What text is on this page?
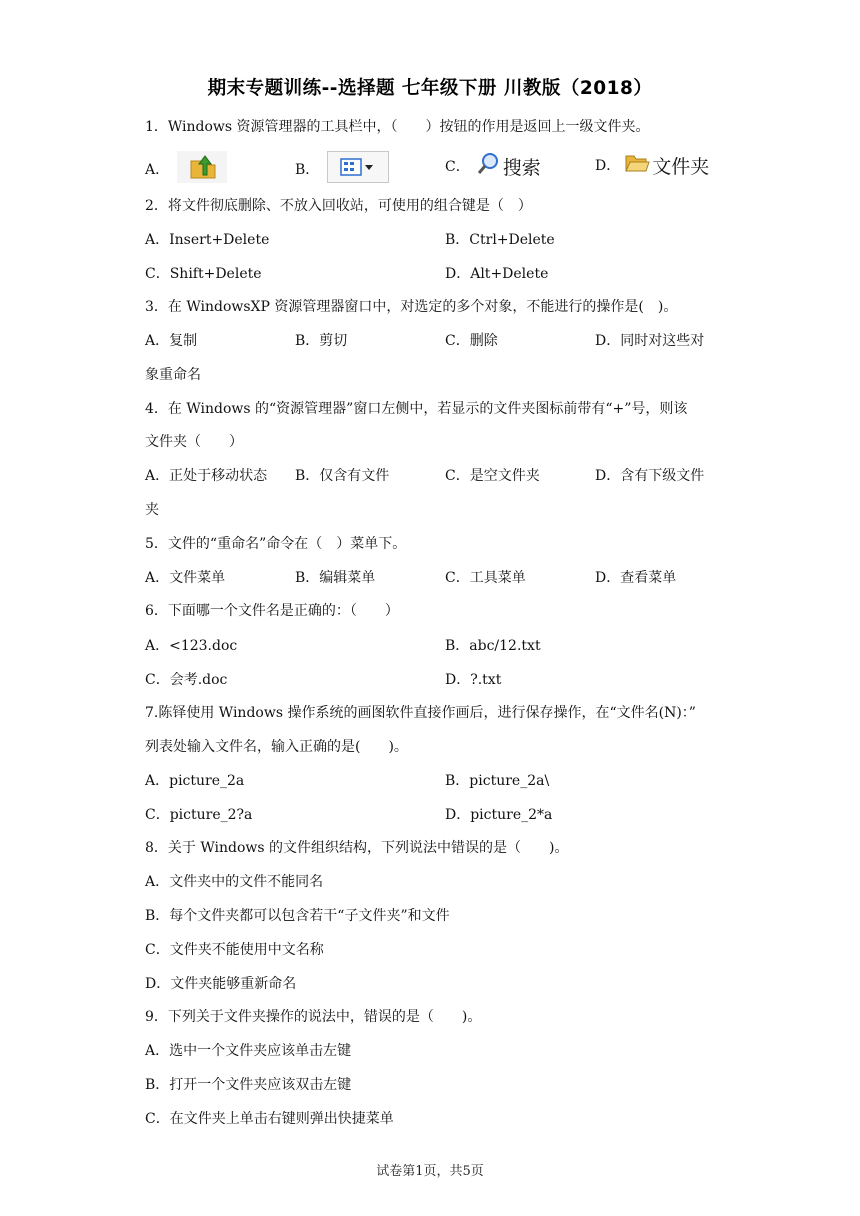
期末专题训练--选择题 七年级下册 川教版（2018）
1．Windows 资源管理器的工具栏中，（　　）按钮的作用是返回上一级文件夹。
A．	B．	C． 搜索	D． 文件夹
2．将文件彻底删除、不放入回收站，可使用的组合键是（　）
A．Insert+Delete	B．Ctrl+Delete
C．Shift+Delete	D．Alt+Delete
3．在 WindowsXP 资源管理器窗口中，对选定的多个对象，不能进行的操作是(　)。
A．复制	B．剪切	C．删除	D．同时对这些对
象重命名
4．在 Windows 的“资源管理器”窗口左侧中，若显示的文件夹图标前带有“+”号，则该
文件夹（　　）
A．正处于移动状态 B．仅含有文件	C．是空文件夹	D．含有下级文件
夹
5．文件的“重命名”命令在（　）菜单下。
A．文件菜单	B．编辑菜单	C．工具菜单	D．查看菜单
6．下面哪一个文件名是正确的：（　　）
A．<123.doc	B．abc/12.txt
C．会考.doc	D．?.txt
7.陈铎使用 Windows 操作系统的画图软件直接作画后，进行保存操作，在“文件名(N)：”
列表处输入文件名，输入正确的是(　　)。
A．picture_2a	B．picture_2a\
C．picture_2?a	D．picture_2*a
8．关于 Windows 的文件组织结构，下列说法中错误的是（　　)。
A．文件夹中的文件不能同名
B．每个文件夹都可以包含若干“子文件夹”和文件
C．文件夹不能使用中文名称
D．文件夹能够重新命名
9．下列关于文件夹操作的说法中，错误的是（　　)。
A．选中一个文件夹应该单击左键
B．打开一个文件夹应该双击左键
C．在文件夹上单击右键则弹出快捷菜单
试卷第1页，共5页
